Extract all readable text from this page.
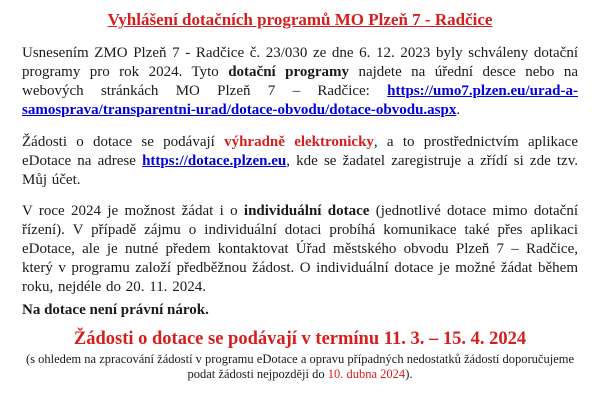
Vyhlášení dotačních programů MO Plzeň 7 - Radčice

Usnesením ZMO Plzeň 7 - Radčice č. 23/030 ze dne 6. 12. 2023 byly schváleny dotační programy pro rok 2024. Tyto dotační programy najdete na úřední desce nebo na webových stránkách MO Plzeň 7 – Radčice: https://umo7.plzen.eu/urad-a-samosprava/transparentni-urad/dotace-obvodu/dotace-obvodu.aspx.

Žádosti o dotace se podávají výhradně elektronicky, a to prostřednictvím aplikace eDotace na adrese https://dotace.plzen.eu, kde se žadatel zaregistruje a zřídí si zde tzv. Můj účet.

V roce 2024 je možnost žádat i o individuální dotace (jednotlivé dotace mimo dotační řízení). V případě zájmu o individuální dotaci probíhá komunikace také přes aplikaci eDotace, ale je nutné předem kontaktovat Úřad městského obvodu Plzeň 7 – Radčice, který v programu založí předběžnou žádost. O individuální dotace je možné žádat během roku, nejdéle do 20. 11. 2024.

Na dotace není právní nárok.

Žádosti o dotace se podávají v termínu 11. 3. – 15. 4. 2024

(s ohledem na zpracování žádostí v programu eDotace a opravu případných nedostatků žádostí doporučujeme podat žádosti nejpozději do 10. dubna 2024).
